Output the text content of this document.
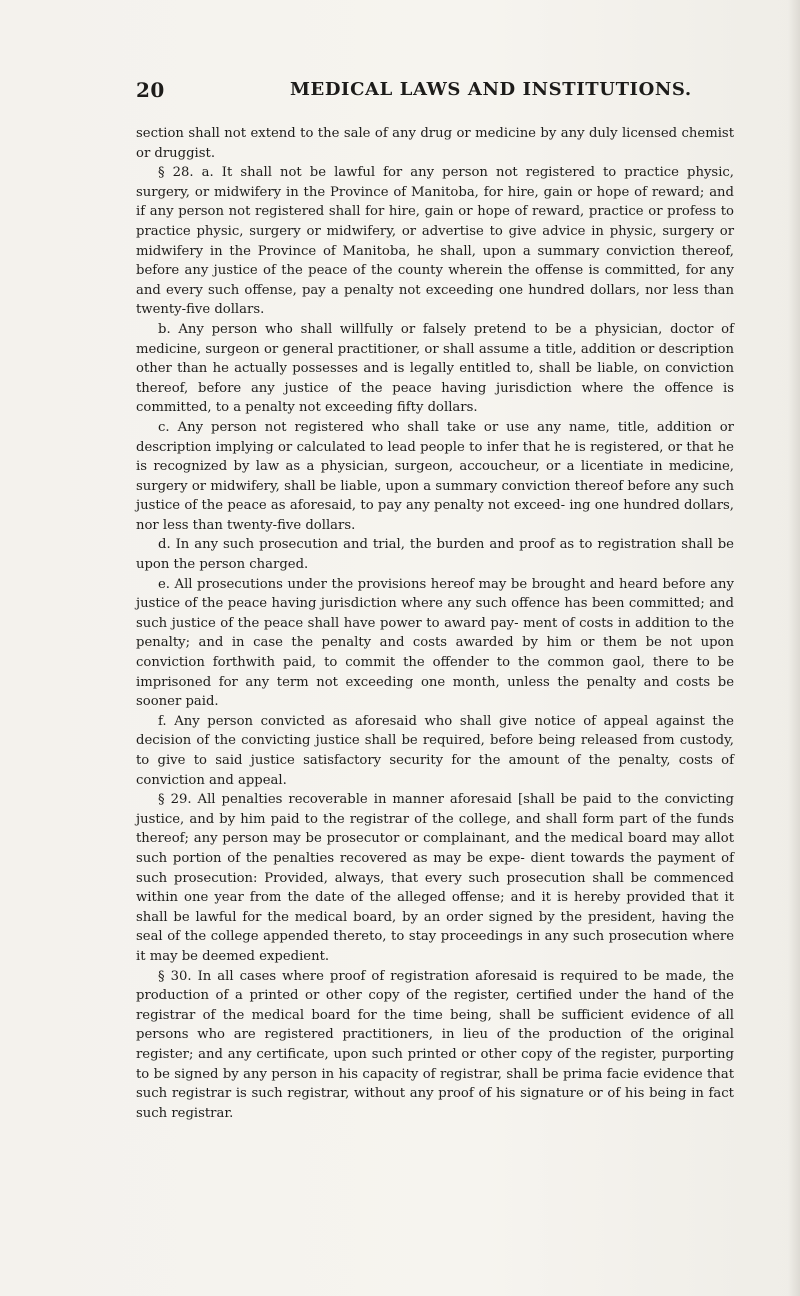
20	MEDICAL LAWS AND INSTITUTIONS.

section shall not extend to the sale of any drug or medicine by any duly licensed chemist or druggist.

§ 28. a. It shall not be lawful for any person not registered to practice physic, surgery, or midwifery in the Province of Manitoba, for hire, gain or hope of reward; and if any person not registered shall for hire, gain or hope of reward, practice or profess to practice physic, surgery or midwifery, or advertise to give advice in physic, surgery or midwifery in the Province of Manitoba, he shall, upon a summary conviction thereof, before any justice of the peace of the county wherein the offense is committed, for any and every such offense, pay a penalty not exceeding one hundred dollars, nor less than twenty-five dollars.

b. Any person who shall willfully or falsely pretend to be a physician, doctor of medicine, surgeon or general practitioner, or shall assume a title, addition or description other than he actually possesses and is legally entitled to, shall be liable, on conviction thereof, before any justice of the peace having jurisdiction where the offence is committed, to a penalty not exceeding fifty dollars.

c. Any person not registered who shall take or use any name, title, addition or description implying or calculated to lead people to infer that he is registered, or that he is recognized by law as a physician, surgeon, accoucheur, or a licentiate in medicine, surgery or midwifery, shall be liable, upon a summary conviction thereof before any such justice of the peace as aforesaid, to pay any penalty not exceed- ing one hundred dollars, nor less than twenty-five dollars.

d. In any such prosecution and trial, the burden and proof as to registration shall be upon the person charged.

e. All prosecutions under the provisions hereof may be brought and heard before any justice of the peace having jurisdiction where any such offence has been committed; and such justice of the peace shall have power to award pay- ment of costs in addition to the penalty; and in case the penalty and costs awarded by him or them be not upon conviction forthwith paid, to commit the offender to the common gaol, there to be imprisoned for any term not exceeding one month, unless the penalty and costs be sooner paid.

f. Any person convicted as aforesaid who shall give notice of appeal against the decision of the convicting justice shall be required, before being released from custody, to give to said justice satisfactory security for the amount of the penalty, costs of conviction and appeal.

§ 29. All penalties recoverable in manner aforesaid [shall be paid to the convicting justice, and by him paid to the registrar of the college, and shall form part of the funds thereof; any person may be prosecutor or complainant, and the medical board may allot such portion of the penalties recovered as may be expe- dient towards the payment of such prosecution: Provided, always, that every such prosecution shall be commenced within one year from the date of the alleged offense; and it is hereby provided that it shall be lawful for the medical board, by an order signed by the president, having the seal of the college appended thereto, to stay proceedings in any such prosecution where it may be deemed expedient.

§ 30. In all cases where proof of registration aforesaid is required to be made, the production of a printed or other copy of the register, certified under the hand of the registrar of the medical board for the time being, shall be sufficient evidence of all persons who are registered practitioners, in lieu of the production of the original register; and any certificate, upon such printed or other copy of the register, purporting to be signed by any person in his capacity of registrar, shall be prima facie evidence that such registrar is such registrar, without any proof of his signature or of his being in fact such registrar.
